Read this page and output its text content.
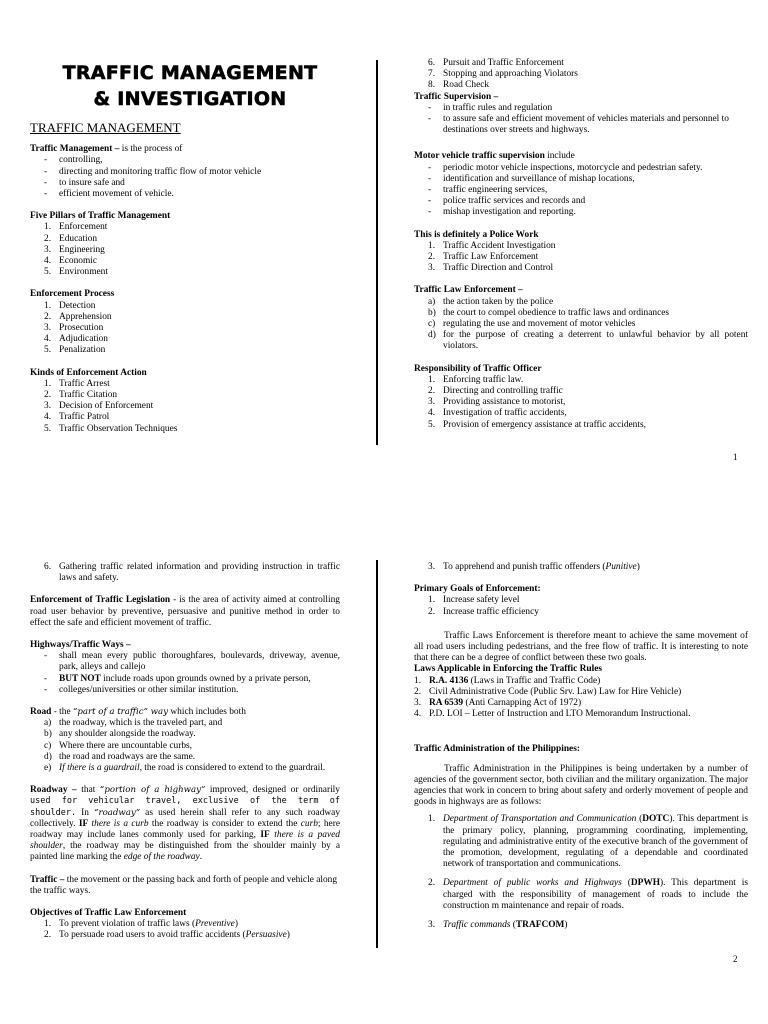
TRAFFIC MANAGEMENT
& INVESTIGATION
TRAFFIC MANAGEMENT
Traffic Management – is the process of
-	controlling,
-	directing and monitoring traffic flow of motor vehicle
-	to insure safe and
-	efficient movement of vehicle.
Five Pillars of Traffic Management
1. Enforcement
2. Education
3. Engineering
4. Economic
5. Environment
Enforcement Process
1. Detection
2. Apprehension
3. Prosecution
4. Adjudication
5. Penalization
Kinds of Enforcement Action
1. Traffic Arrest
2. Traffic Citation
3. Decision of Enforcement
4. Traffic Patrol
5. Traffic Observation Techniques
6. Pursuit and Traffic Enforcement
7. Stopping and approaching Violators
8. Road Check
Traffic Supervision –
-	in traffic rules and regulation
-	to assure safe and efficient movement of vehicles materials and personnel to destinations over streets and highways.
Motor vehicle traffic supervision include
-	periodic motor vehicle inspections, motorcycle and pedestrian safety.
-	identification and surveillance of mishap locations,
-	traffic engineering services,
-	police traffic services and records and
-	mishap investigation and reporting.
This is definitely a Police Work
1. Traffic Accident Investigation
2. Traffic Law Enforcement
3. Traffic Direction and Control
Traffic Law Enforcement –
a) the action taken by the police
b) the court to compel obedience to traffic laws and ordinances
c) regulating the use and movement of motor vehicles
d) for the purpose of creating a deterrent to unlawful behavior by all potent violators.
Responsibility of Traffic Officer
1. Enforcing traffic law.
2. Directing and controlling traffic
3. Providing assistance to motorist,
4. Investigation of traffic accidents,
5. Provision of emergency assistance at traffic accidents,
1
6. Gathering traffic related information and providing instruction in traffic laws and safety.
Enforcement of Traffic Legislation - is the area of activity aimed at controlling road user behavior by preventive, persuasive and punitive method in order to effect the safe and efficient movement of traffic.
Highways/Traffic Ways –
-	shall mean every public thoroughfares, boulevards, driveway, avenue, park, alleys and callejo
-	BUT NOT include roads upon grounds owned by a private person,
-	colleges/universities or other similar institution.
Road - the “part of a traffic” way which includes both
a) the roadway, which is the traveled part, and
b) any shoulder alongside the roadway.
c) Where there are uncountable curbs,
d) the road and roadways are the same.
e) If there is a guardrail, the road is considered to extend to the guardrail.
Roadway – that “portion of a highway” improved, designed or ordinarily used for vehicular travel, exclusive of the term of shoulder. In “roadway” as used herein shall refer to any such roadway collectively. IF there is a curb the roadway is consider to extend the curb; here roadway may include lanes commonly used for parking, IF there is a paved shoulder, the roadway may be distinguished from the shoulder mainly by a painted line marking the edge of the roadway.
Traffic – the movement or the passing back and forth of people and vehicle along the traffic ways.
Objectives of Traffic Law Enforcement
1. To prevent violation of traffic laws (Preventive)
2. To persuade road users to avoid traffic accidents (Persuasive)
3. To apprehend and punish traffic offenders (Punitive)
Primary Goals of Enforcement:
1. Increase safety level
2. Increase traffic efficiency
Traffic Laws Enforcement is therefore meant to achieve the same movement of all road users including pedestrians, and the free flow of traffic. It is interesting to note that there can be a degree of conflict between these two goals.
Laws Applicable in Enforcing the Traffic Rules
1. R.A. 4136 (Laws in Traffic and Traffic Code)
2. Civil Administrative Code (Public Srv. Law) Law for Hire Vehicle)
3. RA 6539 (Anti Carnapping Act of 1972)
4. P.D. LOI – Letter of Instruction and LTO Memorandum Instructional.
Traffic Administration of the Philippines:
Traffic Administration in the Philippines is being undertaken by a number of agencies of the government sector, both civilian and the military organization. The major agencies that work in concern to bring about safety and orderly movement of people and goods in highways are as follows:
1. Department of Transportation and Communication (DOTC). This department is the primary policy, planning, programming coordinating, implementing, regulating and administrative entity of the executive branch of the government of the promotion, development, regulating of a dependable and coordinated network of transportation and communications.
2. Department of public works and Highways (DPWH). This department is charged with the responsibility of management of roads to include the construction m maintenance and repair of roads.
3. Traffic commands (TRAFCOM)
2
